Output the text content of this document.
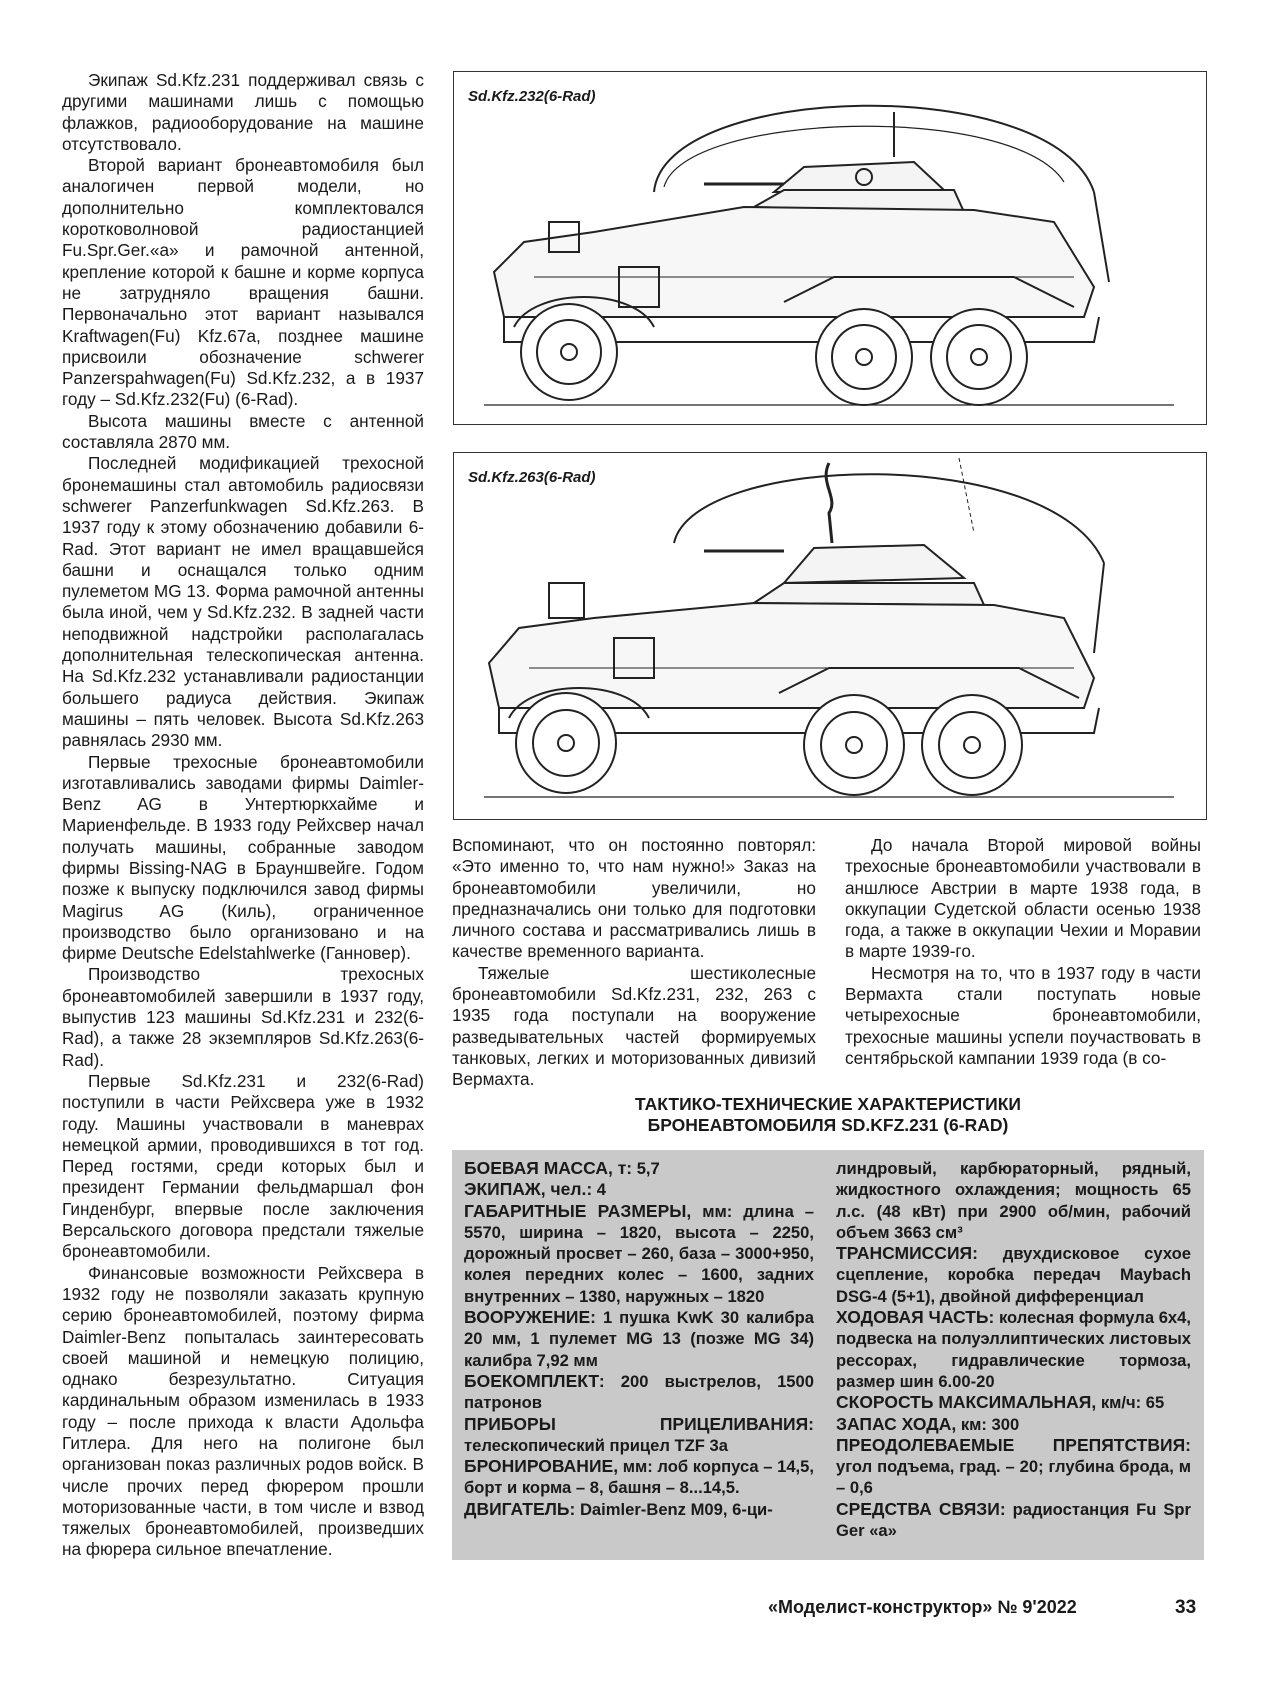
Экипаж Sd.Kfz.231 поддерживал связь с другими машинами лишь с помощью флажков, радиооборудование на машине отсутствовало.

Второй вариант бронеавтомобиля был аналогичен первой модели, но дополнительно комплектовался коротковолновой радиостанцией Fu.Spr.Ger.«а» и рамочной антенной, крепление которой к башне и корме корпуса не затрудняло вращения башни. Первоначально этот вариант назывался Kraftwagen(Fu) Kfz.67a, позднее машине присвоили обозначение schwerer Panzerspahwagen(Fu) Sd.Kfz.232, а в 1937 году – Sd.Kfz.232(Fu) (6-Rad).

Высота машины вместе с антенной составляла 2870 мм.

Последней модификацией трехосной бронемашины стал автомобиль радиосвязи schwerer Panzerfunkwagen Sd.Kfz.263. В 1937 году к этому обозначению добавили 6-Rad. Этот вариант не имел вращавшейся башни и оснащался только одним пулеметом MG 13. Форма рамочной антенны была иной, чем у Sd.Kfz.232. В задней части неподвижной надстройки располагалась дополнительная телескопическая антенна. На Sd.Kfz.232 устанавливали радиостанции большего радиуса действия. Экипаж машины – пять человек. Высота Sd.Kfz.263 равнялась 2930 мм.

Первые трехосные бронеавтомобили изготавливались заводами фирмы Daimler-Benz AG в Унтертюркхайме и Мариенфельде. В 1933 году Рейхсвер начал получать машины, собранные заводом фирмы Bissing-NAG в Брауншвейге. Годом позже к выпуску подключился завод фирмы Magirus AG (Киль), ограниченное производство было организовано и на фирме Deutsche Edelstahlwerke (Ганновер).

Производство трехосных бронеавтомобилей завершили в 1937 году, выпустив 123 машины Sd.Kfz.231 и 232(6-Rad), а также 28 экземпляров Sd.Kfz.263(6-Rad).

Первые Sd.Kfz.231 и 232(6-Rad) поступили в части Рейхсвера уже в 1932 году. Машины участвовали в маневрах немецкой армии, проводившихся в тот год. Перед гостями, среди которых был и президент Германии фельдмаршал фон Гинденбург, впервые после заключения Версальского договора предстали тяжелые бронеавтомобили.

Финансовые возможности Рейхсвера в 1932 году не позволяли заказать крупную серию бронеавтомобилей, поэтому фирма Daimler-Benz попыталась заинтересовать своей машиной и немецкую полицию, однако безрезультатно. Ситуация кардинальным образом изменилась в 1933 году – после прихода к власти Адольфа Гитлера. Для него на полигоне был организован показ различных родов войск. В числе прочих перед фюрером прошли моторизованные части, в том числе и взвод тяжелых бронеавтомобилей, произведших на фюрера сильное впечатление.

Sd.Kfz.232(6-Rad)
Sd.Kfz.263(6-Rad)

Вспоминают, что он постоянно повторял: «Это именно то, что нам нужно!» Заказ на бронеавтомобили увеличили, но предназначались они только для подготовки личного состава и рассматривались лишь в качестве временного варианта.

Тяжелые шестиколесные бронеавтомобили Sd.Kfz.231, 232, 263 с 1935 года поступали на вооружение разведывательных частей формируемых танковых, легких и моторизованных дивизий Вермахта.

До начала Второй мировой войны трехосные бронеавтомобили участвовали в аншлюсе Австрии в марте 1938 года, в оккупации Судетской области осенью 1938 года, а также в оккупации Чехии и Моравии в марте 1939-го.

Несмотря на то, что в 1937 году в части Вермахта стали поступать новые четырехосные бронеавтомобили, трехосные машины успели поучаствовать в сентябрьской кампании 1939 года (в со-

ТАКТИКО-ТЕХНИЧЕСКИЕ ХАРАКТЕРИСТИКИ
БРОНЕАВТОМОБИЛЯ SD.KFZ.231 (6-RAD)

БОЕВАЯ МАССА, т: 5,7

ЭКИПАЖ, чел.: 4

ГАБАРИТНЫЕ РАЗМЕРЫ, мм: длина – 5570, ширина – 1820, высота – 2250, дорожный просвет – 260, база – 3000+950, колея передних колес – 1600, задних внутренних – 1380, наружных – 1820

ВООРУЖЕНИЕ: 1 пушка KwK 30 калибра 20 мм, 1 пулемет MG 13 (позже MG 34) калибра 7,92 мм

БОЕКОМПЛЕКТ: 200 выстрелов, 1500 патронов

ПРИБОРЫ ПРИЦЕЛИВАНИЯ: телескопический прицел TZF 3а

БРОНИРОВАНИЕ, мм: лоб корпуса – 14,5, борт и корма – 8, башня – 8...14,5.

ДВИГАТЕЛЬ: Daimler-Benz M09, 6-ци-

линдровый, карбюраторный, рядный, жидкостного охлаждения; мощность 65 л.с. (48 кВт) при 2900 об/мин, рабочий объем 3663 см³

ТРАНСМИССИЯ: двухдисковое сухое сцепление, коробка передач Maybach DSG-4 (5+1), двойной дифференциал

ХОДОВАЯ ЧАСТЬ: колесная формула 6х4, подвеска на полуэллиптических листовых рессорах, гидравлические тормоза, размер шин 6.00-20

СКОРОСТЬ МАКСИМАЛЬНАЯ, км/ч: 65

ЗАПАС ХОДА, км: 300

ПРЕОДОЛЕВАЕМЫЕ ПРЕПЯТСТВИЯ: угол подъема, град. – 20; глубина брода, м – 0,6

СРЕДСТВА СВЯЗИ: радиостанция Fu Spr Ger «а»

«Моделист-конструктор» № 9'2022	33
